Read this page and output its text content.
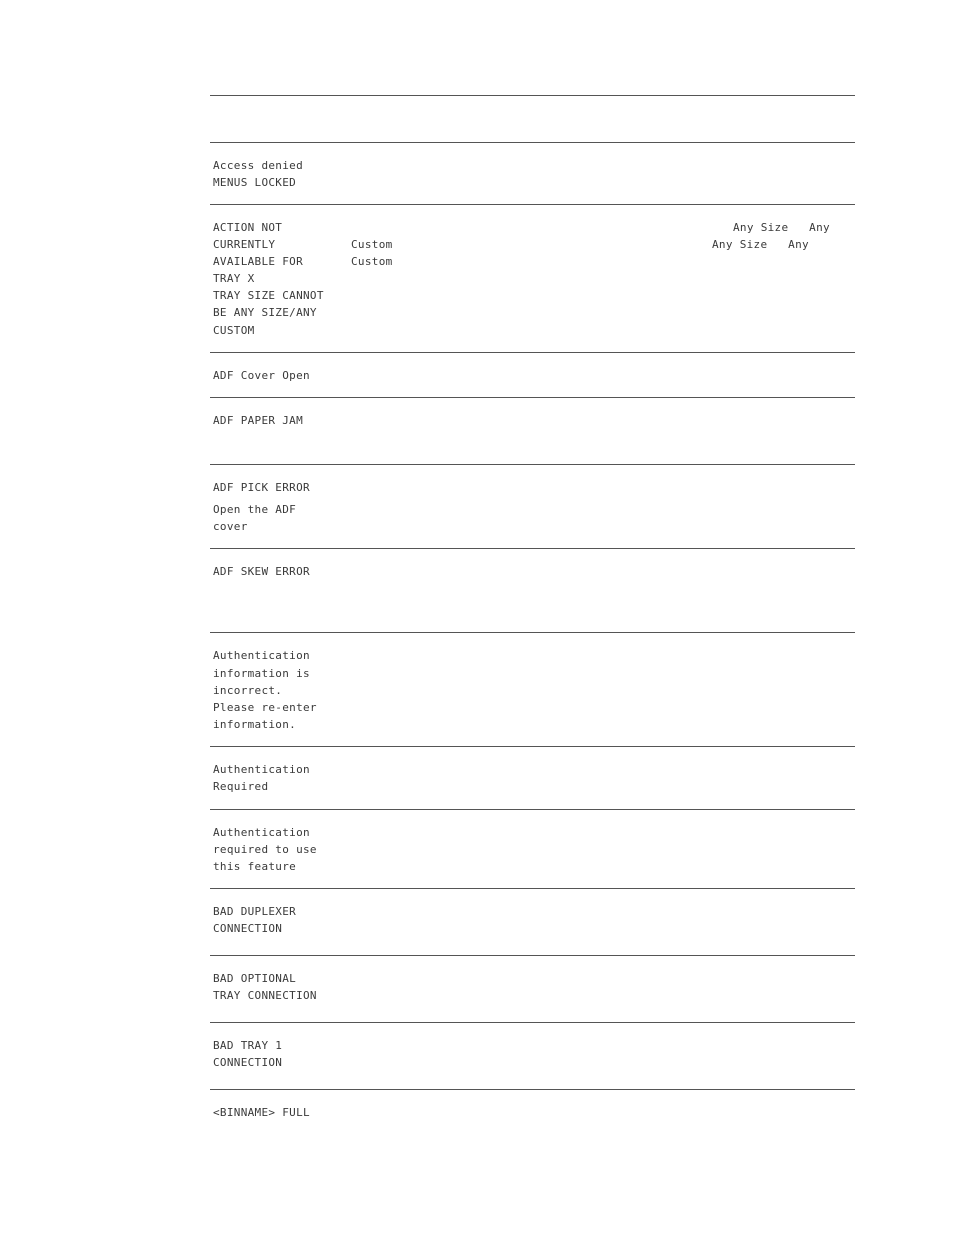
Access denied
MENUS LOCKED
ACTION NOT
CURRENTLY
AVAILABLE FOR
TRAY X
TRAY SIZE CANNOT
BE ANY SIZE/ANY
CUSTOM
Custom
Custom
Any Size   Any
Any Size   Any
ADF Cover Open
ADF PAPER JAM
ADF PICK ERROR
Open the ADF
cover
ADF SKEW ERROR
Authentication
information is
incorrect.
Please re-enter
information.
Authentication
Required
Authentication
required to use
this feature
BAD DUPLEXER
CONNECTION
BAD OPTIONAL
TRAY CONNECTION
BAD TRAY 1
CONNECTION
<BINNAME> FULL
